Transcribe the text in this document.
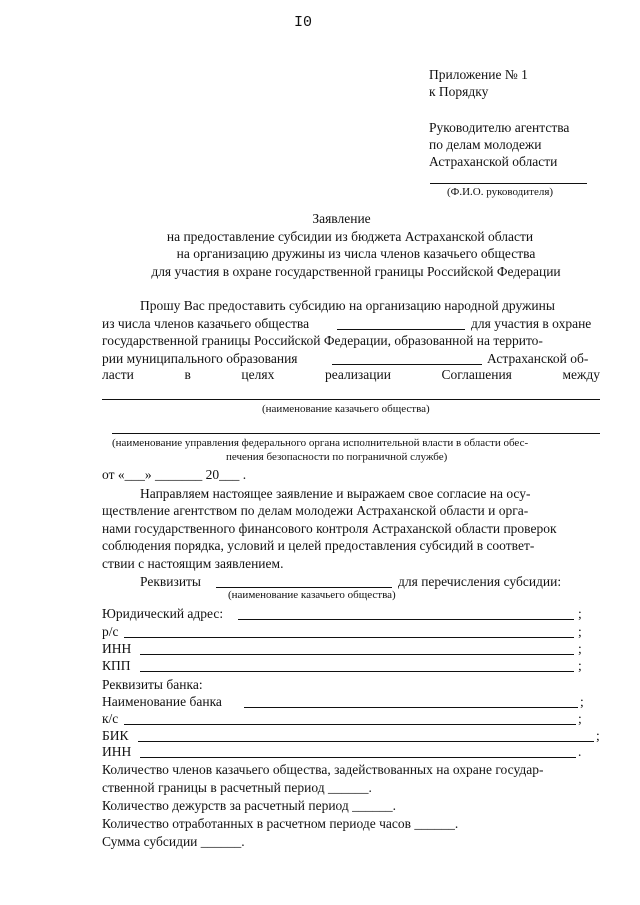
I0
Приложение № 1
к Порядку
Руководителю агентства
по делам молодежи
Астраханской области
(Ф.И.О. руководителя)
Заявление
на предоставление субсидии из бюджета Астраханской области
на организацию дружины из числа членов казачьего общества
для участия в охране государственной границы Российской Федерации
Прошу Вас предоставить субсидию на организацию народной дружины
из числа членов казачьего общества	для участия в охране
государственной границы Российской Федерации, образованной на террито-
рии муниципального образования	Астраханской об-
ласти	в	целях	реализации	Соглашения	между
(наименование казачьего общества)
(наименование управления федерального органа исполнительной власти в области обес-
печения безопасности по пограничной службе)
от «___» _______ 20___ .
Направляем настоящее заявление и выражаем свое согласие на осу-
ществление агентством по делам молодежи Астраханской области и орга-
нами государственного финансового контроля Астраханской области проверок
соблюдения порядка, условий и целей предоставления субсидий в соответ-
ствии с настоящим заявлением.
Реквизиты	для перечисления субсидии:
(наименование казачьего общества)
Юридический адрес:	;
р/с	;
ИНН	;
КПП	;
Реквизиты банка:
Наименование банка	;
к/с	;
БИК	;
ИНН	.
Количество членов казачьего общества, задействованных на охране государ-
ственной границы в расчетный период ______.
Количество дежурств за расчетный период ______.
Количество отработанных в расчетном периоде часов ______.
Сумма субсидии ______.
